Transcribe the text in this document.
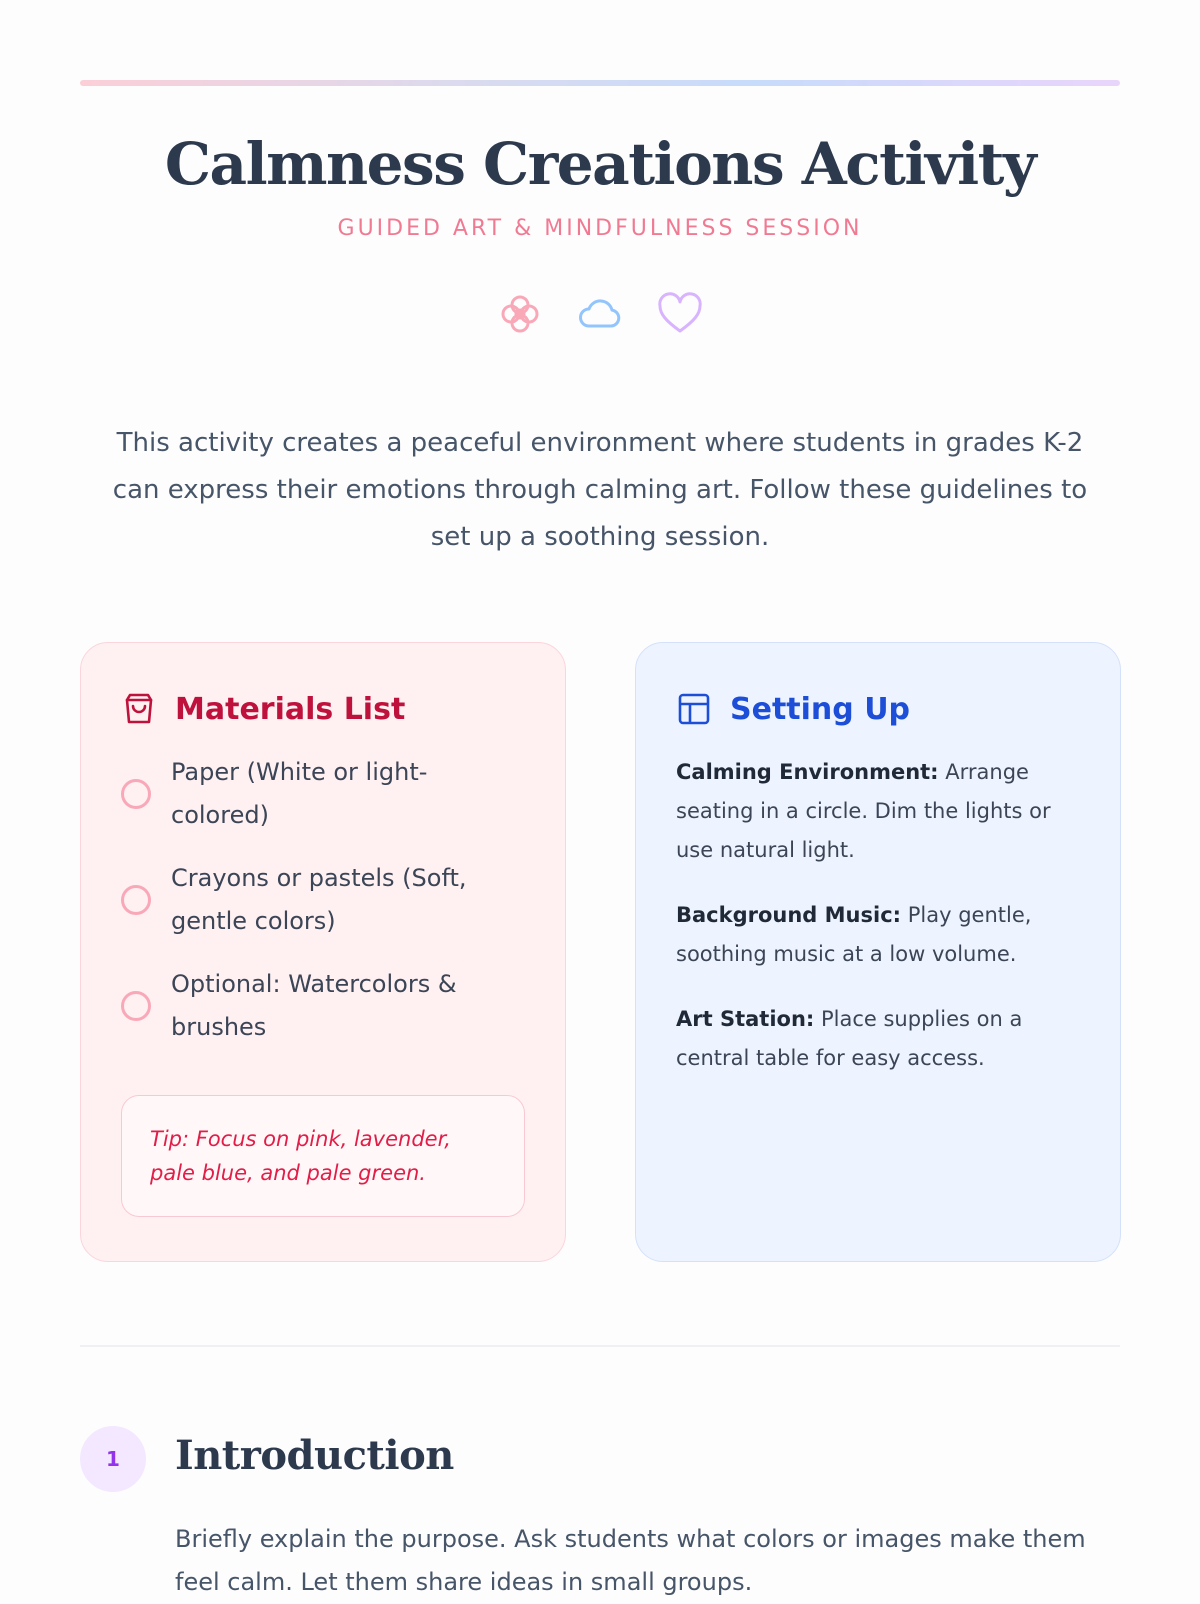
Calmness Creations Activity
GUIDED ART & MINDFULNESS SESSION

This activity creates a peaceful environment where students in grades K-2 can express their emotions through calming art. Follow these guidelines to set up a soothing session.

Materials List
Paper (White or light-colored)
Crayons or pastels (Soft, gentle colors)
Optional: Watercolors & brushes
Tip: Focus on pink, lavender, pale blue, and pale green.
Setting Up

Calming Environment: Arrange seating in a circle. Dim the lights or use natural light.

Background Music: Play gentle, soothing music at a low volume.

Art Station: Place supplies on a central table for easy access.

1	Introduction

Briefly explain the purpose. Ask students what colors or images make them feel calm. Let them share ideas in small groups.
